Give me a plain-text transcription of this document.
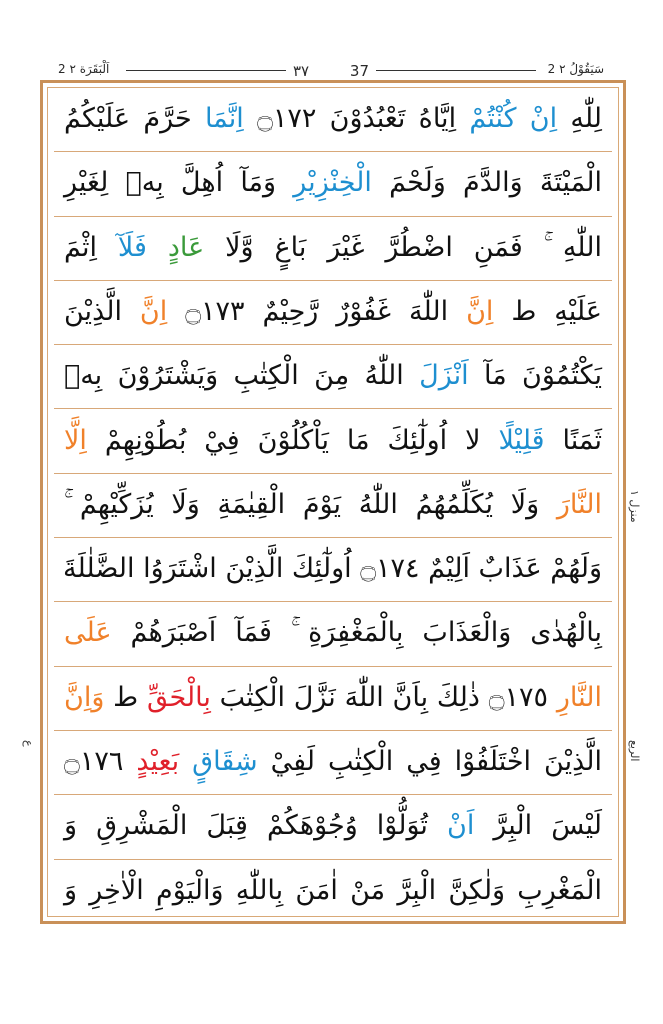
2 اَلْبَقَرَة ٢	٣٧	37	2 سَيَقُوْلُ ٢
لِلّٰهِ اِنْ كُنْتُمْ اِيَّاهُ تَعْبُدُوْنَ ۝١٧٢ اِنَّمَا حَرَّمَ عَلَيْكُمُ
الْمَيْتَةَ وَالدَّمَ وَلَحْمَ الْخِنْزِيْرِ وَمَآ اُهِلَّ بِهٖ لِغَيْرِ
اللّٰهِ ۚ فَمَنِ اضْطُرَّ غَيْرَ بَاغٍ وَّلَا عَادٍ فَلَآ اِثْمَ
عَلَيْهِ ط اِنَّ اللّٰهَ غَفُوْرٌ رَّحِيْمٌ ۝١٧٣ اِنَّ الَّذِيْنَ
يَكْتُمُوْنَ مَآ اَنْزَلَ اللّٰهُ مِنَ الْكِتٰبِ وَيَشْتَرُوْنَ بِهٖ
ثَمَنًا قَلِيْلًا لا اُولٰٓئِكَ مَا يَاْكُلُوْنَ فِيْ بُطُوْنِهِمْ اِلَّا
النَّارَ وَلَا يُكَلِّمُهُمُ اللّٰهُ يَوْمَ الْقِيٰمَةِ وَلَا يُزَكِّيْهِمْ ۚ
وَلَهُمْ عَذَابٌ اَلِيْمٌ ۝١٧٤ اُولٰٓئِكَ الَّذِيْنَ اشْتَرَوُا الضَّلٰلَةَ
بِالْهُدٰى وَالْعَذَابَ بِالْمَغْفِرَةِ ۚ فَمَآ اَصْبَرَهُمْ عَلَى
النَّارِ ۝١٧٥ ذٰلِكَ بِاَنَّ اللّٰهَ نَزَّلَ الْكِتٰبَ بِالْحَقِّ ط وَاِنَّ
الَّذِيْنَ اخْتَلَفُوْا فِي الْكِتٰبِ لَفِيْ شِقَاقٍ بَعِيْدٍ ۝١٧٦
لَيْسَ الْبِرَّ اَنْ تُوَلُّوْا وُجُوْهَكُمْ قِبَلَ الْمَشْرِقِ وَ
الْمَغْرِبِ وَلٰكِنَّ الْبِرَّ مَنْ اٰمَنَ بِاللّٰهِ وَالْيَوْمِ الْاٰخِرِ وَ
منزل ١
الربع
ع
